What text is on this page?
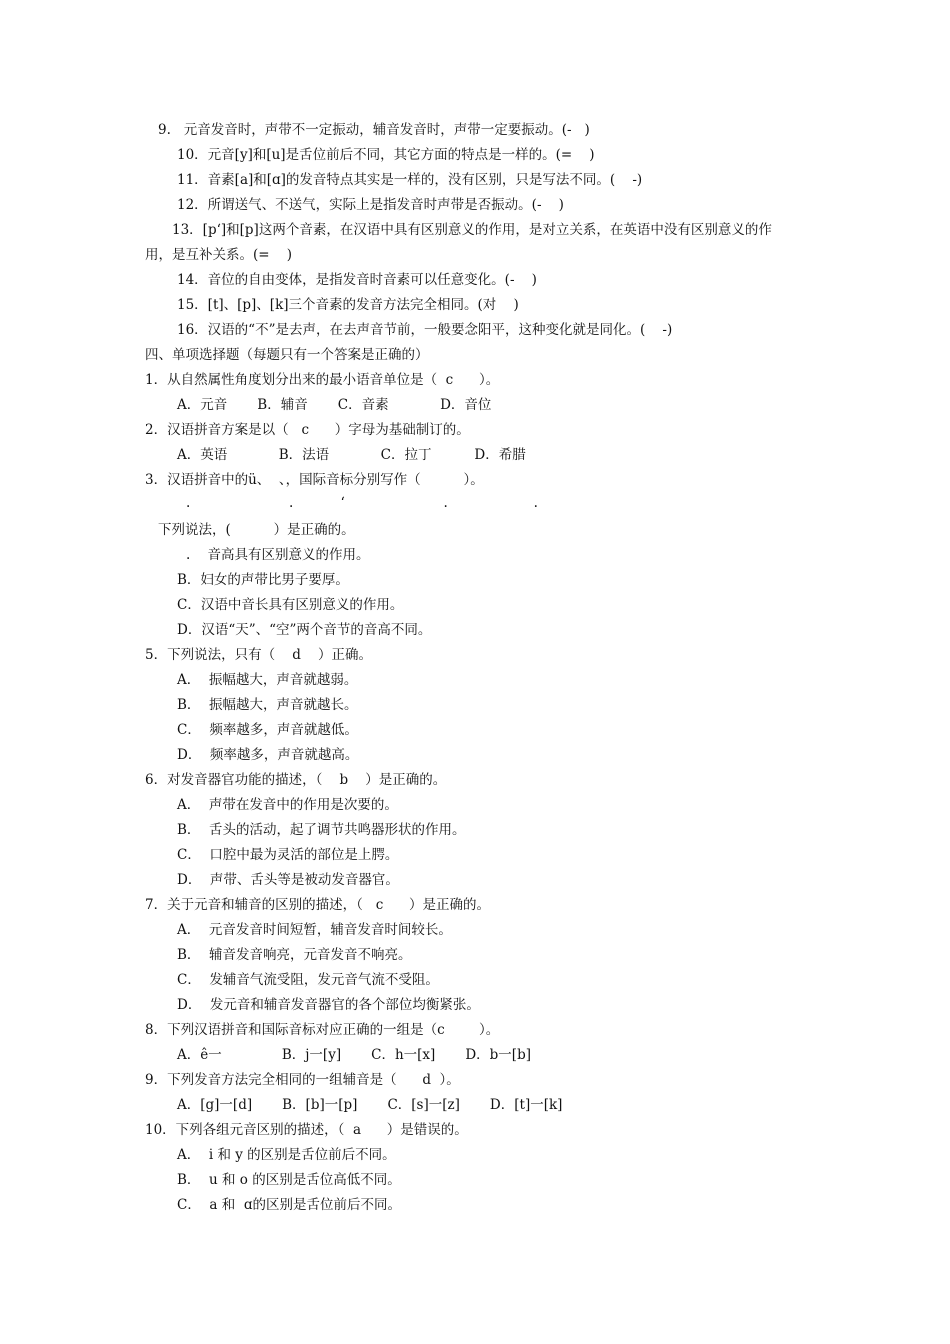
9.   元音发音时，声带不一定振动，辅音发音时，声带一定要振动。(-   )
10．元音[y]和[u]是舌位前后不同，其它方面的特点是一样的。(=    )
11．音素[a]和[ɑ]的发音特点其实是一样的，没有区别，只是写法不同。(    -)
12．所谓送气、不送气，实际上是指发音时声带是否振动。(-    )
13．[pʻ]和[p]这两个音素，在汉语中具有区别意义的作用，是对立关系，在英语中没有区别意义的作
用，是互补关系。(=    )
14．音位的自由变体，是指发音时音素可以任意变化。(-    )
15．[t]、[p]、[k]三个音素的发音方法完全相同。(对    )
16．汉语的“不”是去声，在去声音节前，一般要念阳平，这种变化就是同化。(    -)
四、单项选择题（每题只有一个答案是正确的）
1．从自然属性角度划分出来的最小语音单位是（  c      ）。
A．元音       B．辅音       C．音素            D．音位
2．汉语拼音方案是以（   c      ）字母为基础制订的。
A．英语            B．法语            C．拉丁          D．希腊
3．汉语拼音中的ü、  、，国际音标分别写作（          ）。
.                       .           ‘                       .                    .
下列说法，(          ）是正确的。
.    音高具有区别意义的作用。
B．妇女的声带比男子要厚。
C．汉语中音长具有区别意义的作用。
D．汉语“天”、“空”两个音节的音高不同。
5．下列说法，只有（    d    ）正确。
A．  振幅越大，声音就越弱。
B．  振幅越大，声音就越长。
C．  频率越多，声音就越低。
D．  频率越多，声音就越高。
6．对发音器官功能的描述，（    b    ）是正确的。
A．  声带在发音中的作用是次要的。
B．  舌头的活动，起了调节共鸣器形状的作用。
C．  口腔中最为灵活的部位是上腭。
D．  声带、舌头等是被动发音器官。
7．关于元音和辅音的区别的描述，（   c      ）是正确的。
A．  元音发音时间短暂，辅音发音时间较长。
B．  辅音发音响亮，元音发音不响亮。
C．  发辅音气流受阻，发元音气流不受阻。
D．  发元音和辅音发音器官的各个部位均衡紧张。
8．下列汉语拼音和国际音标对应正确的一组是（c        ）。
A．ê一              B．j一[y]       C．h一[x]       D．b一[b]
9．下列发音方法完全相同的一组辅音是（      d  ）。
A．[g]一[d]       B．[b]一[p]       C．[s]一[z]       D．[t]一[k]
10．下列各组元音区别的描述，（  a      ）是错误的。
A．  i 和 y 的区别是舌位前后不同。
B．  u 和 o 的区别是舌位高低不同。
C．  a 和  ɑ的区别是舌位前后不同。
